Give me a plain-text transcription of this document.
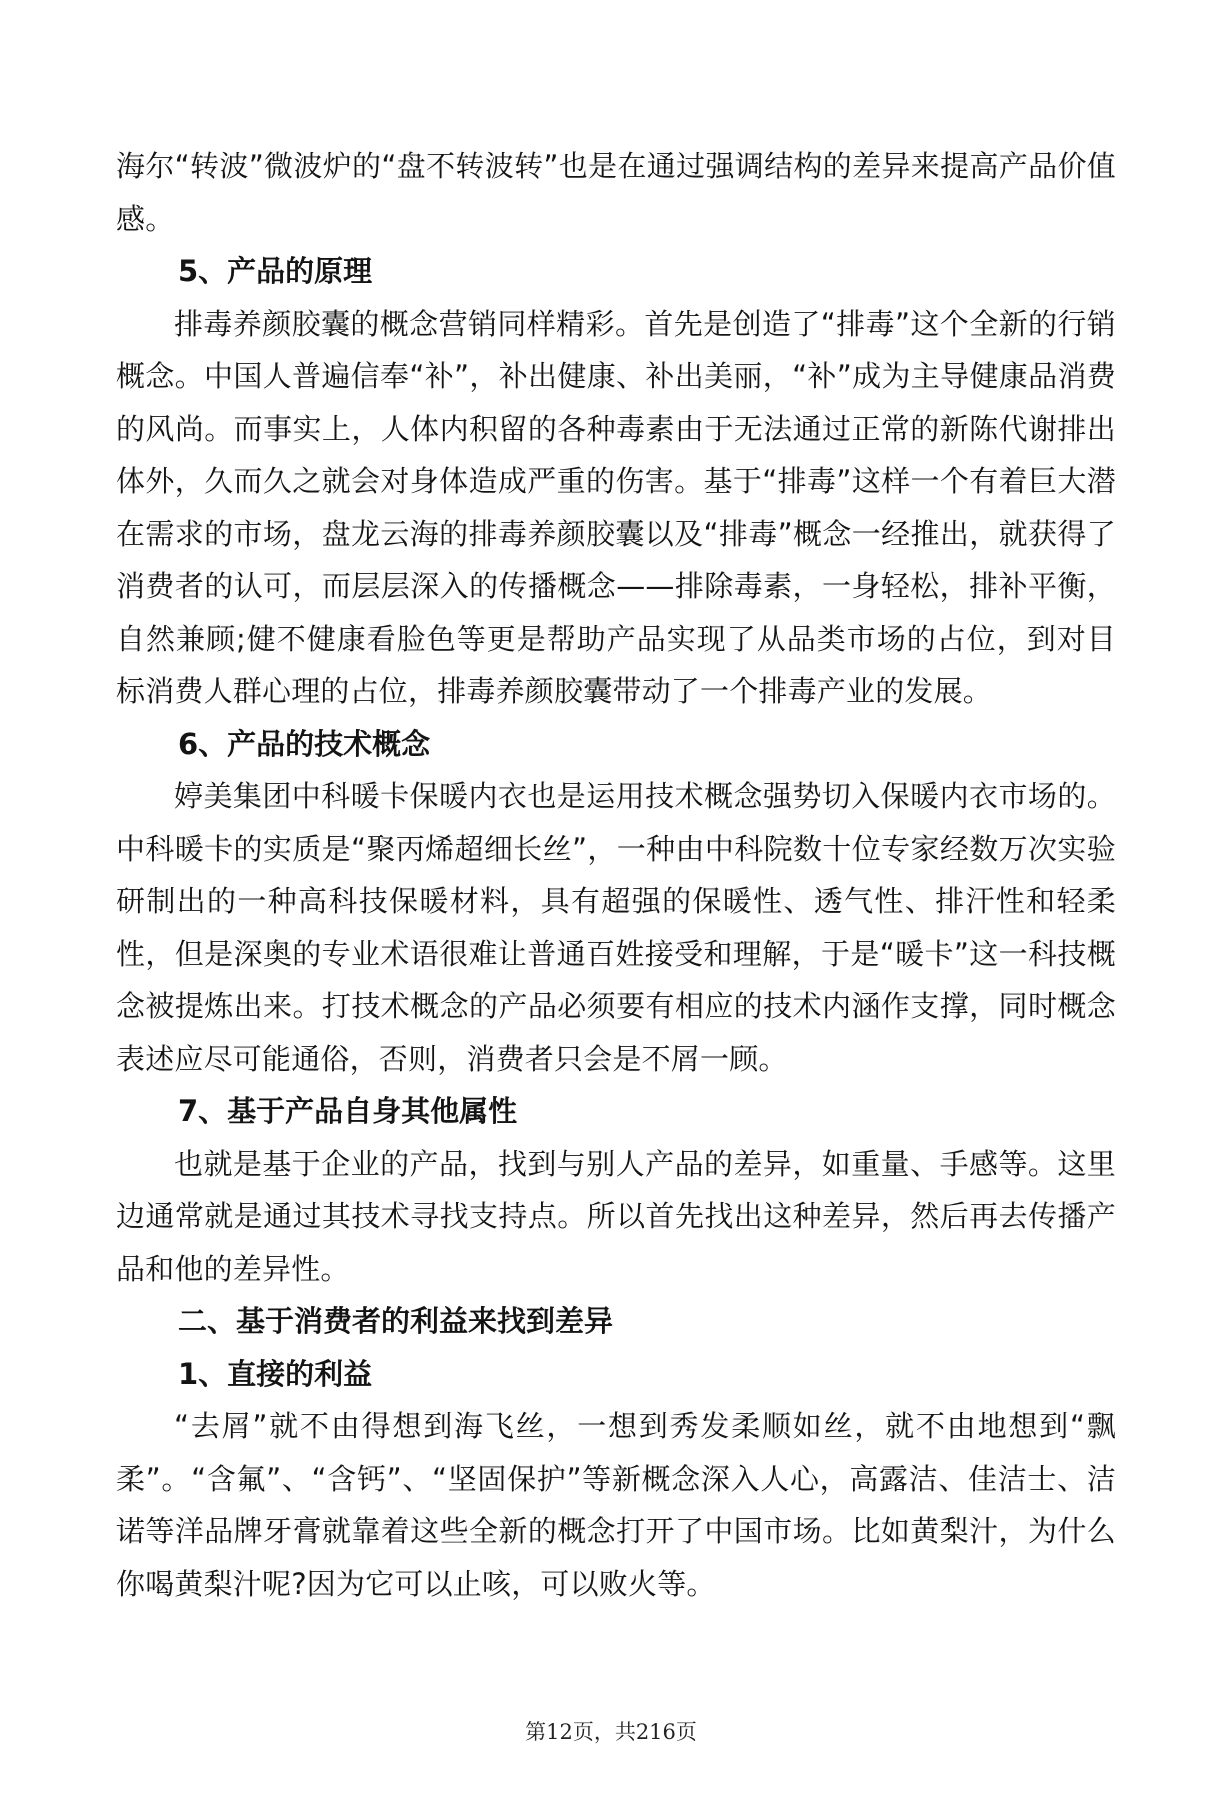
海尔“转波”微波炉的“盘不转波转”也是在通过强调结构的差异来提高产品价值感。

5、产品的原理

排毒养颜胶囊的概念营销同样精彩。首先是创造了“排毒”这个全新的行销概念。中国人普遍信奉“补”，补出健康、补出美丽，“补”成为主导健康品消费的风尚。而事实上，人体内积留的各种毒素由于无法通过正常的新陈代谢排出体外，久而久之就会对身体造成严重的伤害。基于“排毒”这样一个有着巨大潜在需求的市场，盘龙云海的排毒养颜胶囊以及“排毒”概念一经推出，就获得了消费者的认可，而层层深入的传播概念——排除毒素，一身轻松，排补平衡，自然兼顾;健不健康看脸色等更是帮助产品实现了从品类市场的占位，到对目标消费人群心理的占位，排毒养颜胶囊带动了一个排毒产业的发展。

6、产品的技术概念

婷美集团中科暖卡保暖内衣也是运用技术概念强势切入保暖内衣市场的。中科暖卡的实质是“聚丙烯超细长丝”，一种由中科院数十位专家经数万次实验研制出的一种高科技保暖材料，具有超强的保暖性、透气性、排汗性和轻柔性，但是深奥的专业术语很难让普通百姓接受和理解，于是“暖卡”这一科技概念被提炼出来。打技术概念的产品必须要有相应的技术内涵作支撑，同时概念表述应尽可能通俗，否则，消费者只会是不屑一顾。

7、基于产品自身其他属性

也就是基于企业的产品，找到与别人产品的差异，如重量、手感等。这里边通常就是通过其技术寻找支持点。所以首先找出这种差异，然后再去传播产品和他的差异性。

二、基于消费者的利益来找到差异

1、直接的利益

“去屑”就不由得想到海飞丝，一想到秀发柔顺如丝，就不由地想到“飘柔”。“含氟”、“含钙”、“坚固保护”等新概念深入人心，高露洁、佳洁士、洁诺等洋品牌牙膏就靠着这些全新的概念打开了中国市场。比如黄梨汁，为什么你喝黄梨汁呢?因为它可以止咳，可以败火等。

第12页，共216页
